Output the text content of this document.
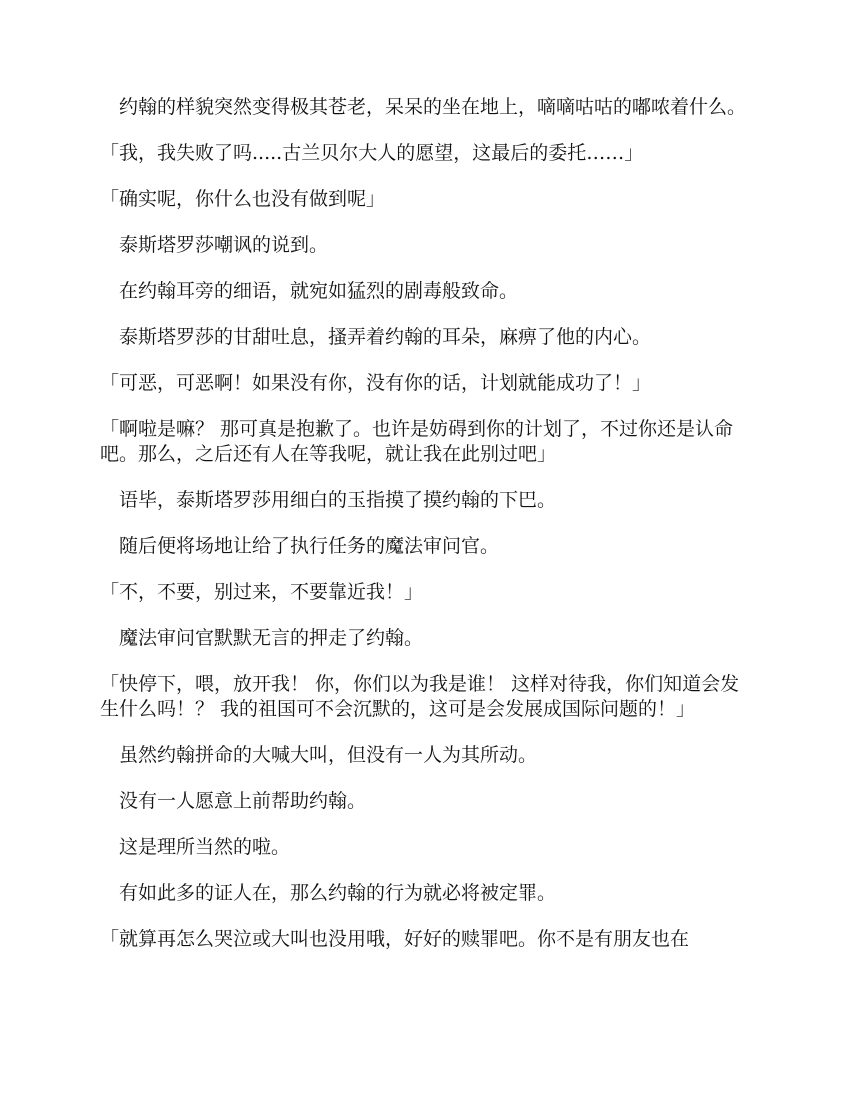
　约翰的样貌突然变得极其苍老，呆呆的坐在地上，嘀嘀咕咕的嘟哝着什么。

「我，我失败了吗.....古兰贝尔大人的愿望，这最后的委托……」

「确实呢，你什么也没有做到呢」

　泰斯塔罗莎嘲讽的说到。

　在约翰耳旁的细语，就宛如猛烈的剧毒般致命。

　泰斯塔罗莎的甘甜吐息，搔弄着约翰的耳朵，麻痹了他的内心。

「可恶，可恶啊！如果没有你，没有你的话，计划就能成功了！」

「啊啦是嘛？ 那可真是抱歉了。也许是妨碍到你的计划了，不过你还是认命吧。那么，之后还有人在等我呢，就让我在此别过吧」

　语毕，泰斯塔罗莎用细白的玉指摸了摸约翰的下巴。

　随后便将场地让给了执行任务的魔法审问官。

「不，不要，别过来，不要靠近我！」

　魔法审问官默默无言的押走了约翰。

「快停下，喂，放开我！ 你，你们以为我是谁！ 这样对待我，你们知道会发生什么吗！？ 我的祖国可不会沉默的，这可是会发展成国际问题的！」

　虽然约翰拼命的大喊大叫，但没有一人为其所动。

　没有一人愿意上前帮助约翰。

　这是理所当然的啦。

　有如此多的证人在，那么约翰的行为就必将被定罪。

「就算再怎么哭泣或大叫也没用哦，好好的赎罪吧。你不是有朋友也在
